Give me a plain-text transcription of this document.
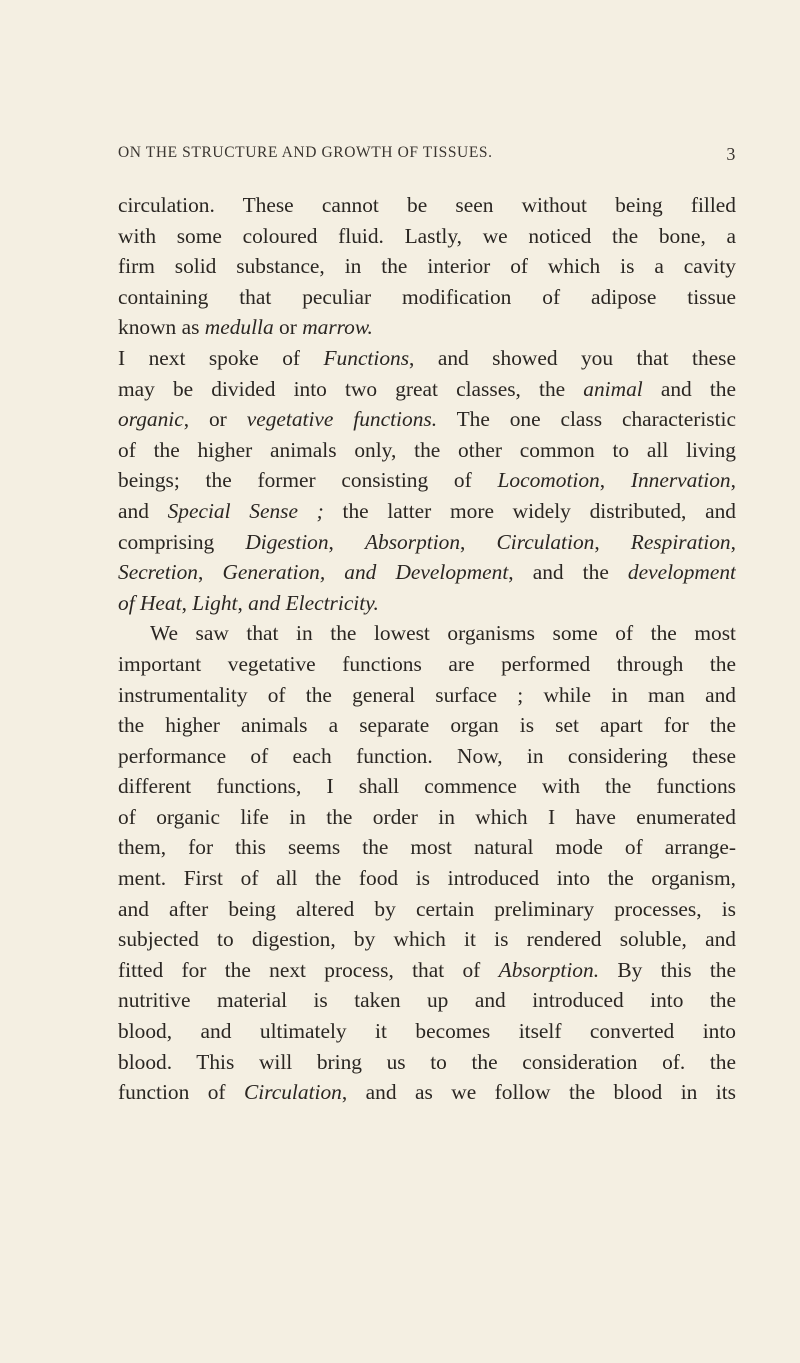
ON THE STRUCTURE AND GROWTH OF TISSUES.	3
circulation. These cannot be seen without being filled
with some coloured fluid. Lastly, we noticed the bone, a
firm solid substance, in the interior of which is a cavity
containing that peculiar modification of adipose tissue
known as medulla or marrow.
I next spoke of Functions, and showed you that these
may be divided into two great classes, the animal and the
organic, or vegetative functions. The one class characteristic
of the higher animals only, the other common to all living
beings; the former consisting of Locomotion, Innervation,
and Special Sense ; the latter more widely distributed, and
comprising Digestion, Absorption, Circulation, Respiration,
Secretion, Generation, and Development, and the development
of Heat, Light, and Electricity.
We saw that in the lowest organisms some of the most
important vegetative functions are performed through the
instrumentality of the general surface ; while in man and
the higher animals a separate organ is set apart for the
performance of each function. Now, in considering these
different functions, I shall commence with the functions
of organic life in the order in which I have enumerated
them, for this seems the most natural mode of arrange-
ment. First of all the food is introduced into the organism,
and after being altered by certain preliminary processes, is
subjected to digestion, by which it is rendered soluble, and
fitted for the next process, that of Absorption. By this the
nutritive material is taken up and introduced into the
blood, and ultimately it becomes itself converted into
blood. This will bring us to the consideration of. the
function of Circulation, and as we follow the blood in its
